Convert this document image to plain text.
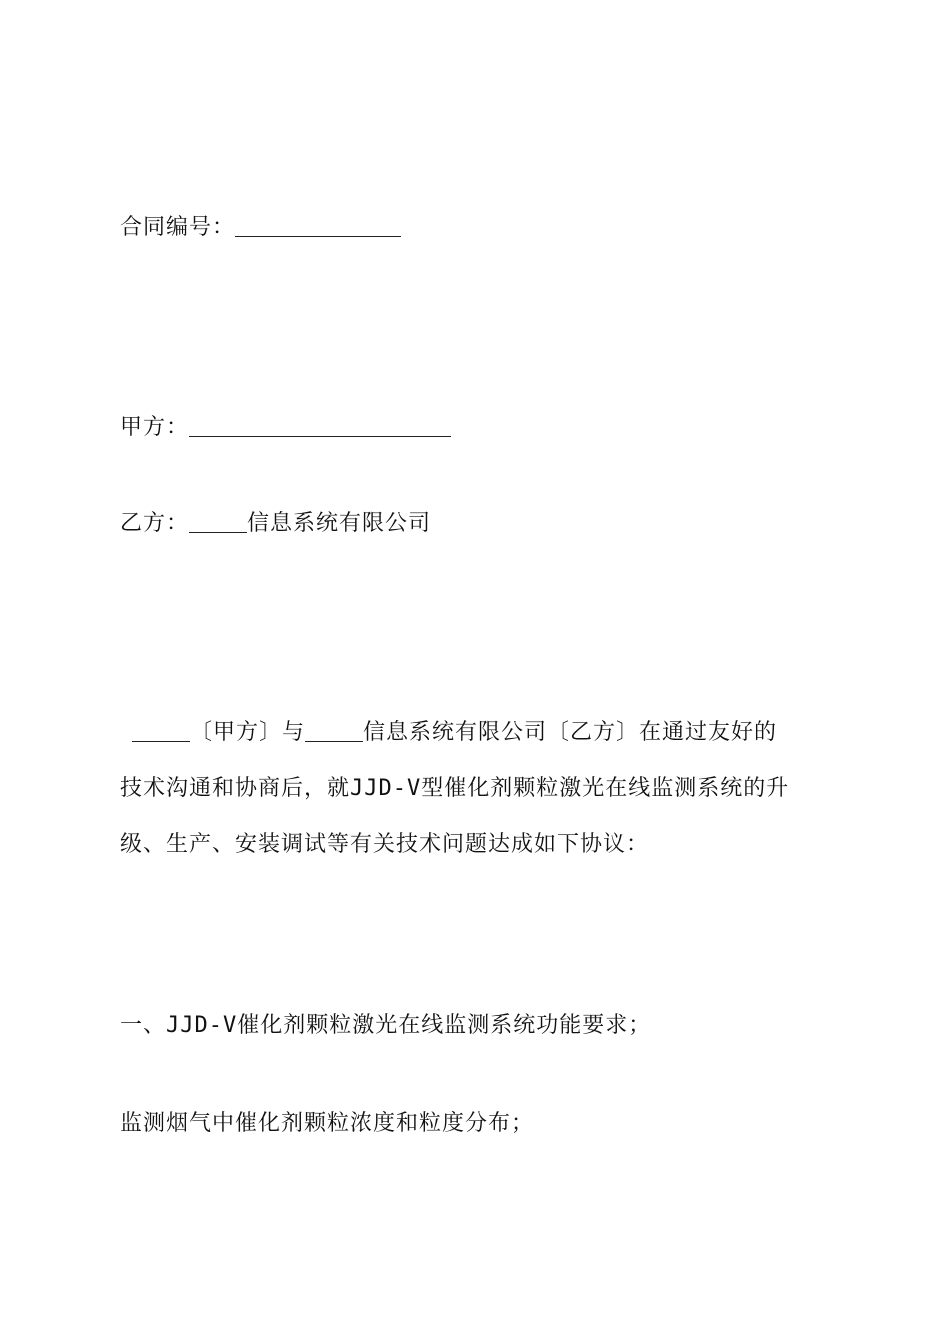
合同编号：
甲方：
乙方：	信息系统有限公司
〔甲方〕与	信息系统有限公司〔乙方〕在通过友好的
技术沟通和协商后，就JJD-V型催化剂颗粒激光在线监测系统的升
级、生产、安装调试等有关技术问题达成如下协议：
一、JJD-V催化剂颗粒激光在线监测系统功能要求；
监测烟气中催化剂颗粒浓度和粒度分布；
